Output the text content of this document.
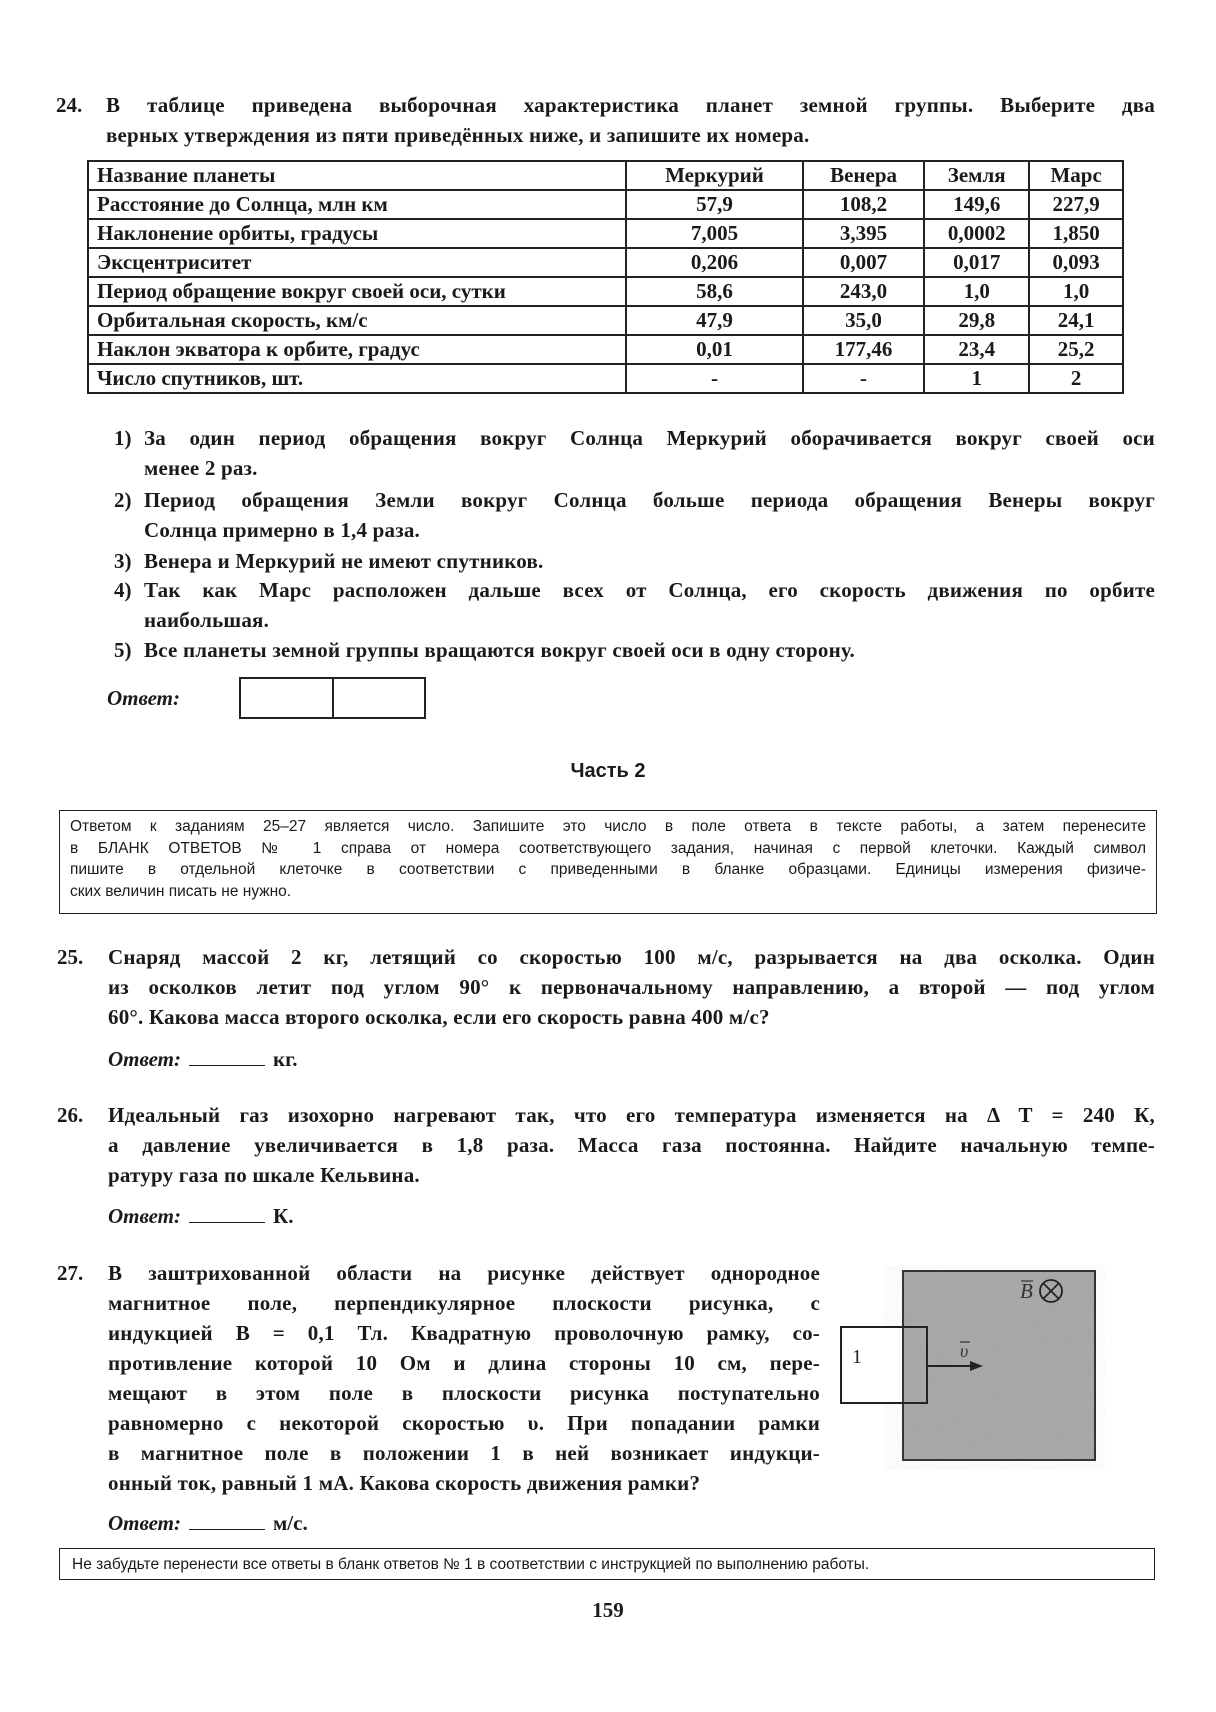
24. В таблице приведена выборочная характеристика планет земной группы. Выберите два
верных утверждения из пяти приведённых ниже, и запишите их номера.
Название планеты	Меркурий	Венера	Земля	Марс
Расстояние до Солнца, млн км	57,9	108,2	149,6	227,9
Наклонение орбиты, градусы	7,005	3,395	0,0002	1,850
Эксцентриситет	0,206	0,007	0,017	0,093
Период обращение вокруг своей оси, сутки	58,6	243,0	1,0	1,0
Орбитальная скорость, км/с	47,9	35,0	29,8	24,1
Наклон экватора к орбите, градус	0,01	177,46	23,4	25,2
Число спутников, шт.	-	-	1	2
1) За один период обращения вокруг Солнца Меркурий оборачивается вокруг своей оси
менее 2 раз.
2) Период обращения Земли вокруг Солнца больше периода обращения Венеры вокруг
Солнца примерно в 1,4 раза.
3) Венера и Меркурий не имеют спутников.
4) Так как Марс расположен дальше всех от Солнца, его скорость движения по орбите
наибольшая.
5) Все планеты земной группы вращаются вокруг своей оси в одну сторону.
Ответ:
Часть 2
Ответом к заданиям 25–27 является число. Запишите это число в поле ответа в тексте работы, а затем перенесите
в БЛАНК ОТВЕТОВ № 1 справа от номера соответствующего задания, начиная с первой клеточки. Каждый символ
пишите в отдельной клеточке в соответствии с приведенными в бланке образцами. Единицы измерения физиче-
ских величин писать не нужно.
25. Снаряд массой 2 кг, летящий со скоростью 100 м/с, разрывается на два осколка. Один
из осколков летит под углом 90° к первоначальному направлению, а второй — под углом
60°. Какова масса второго осколка, если его скорость равна 400 м/с?
Ответ:	кг.
26. Идеальный газ изохорно нагревают так, что его температура изменяется на Δ T = 240 К,
а давление увеличивается в 1,8 раза. Масса газа постоянна. Найдите начальную темпе-
ратуру газа по шкале Кельвина.
Ответ:	К.
27. В заштрихованной области на рисунке действует однородное
магнитное поле, перпендикулярное плоскости рисунка, с
индукцией B = 0,1 Тл. Квадратную проволочную рамку, со-
противление которой 10 Ом и длина стороны 10 см, пере-
мещают в этом поле в плоскости рисунка поступательно
равномерно с некоторой скоростью υ. При попадании рамки
в магнитное поле в положении 1 в ней возникает индукци-
онный ток, равный 1 мА. Какова скорость движения рамки?
1	υ
B
Ответ:	м/с.
Не забудьте перенести все ответы в бланк ответов № 1 в соответствии с инструкцией по выполнению работы.
159
